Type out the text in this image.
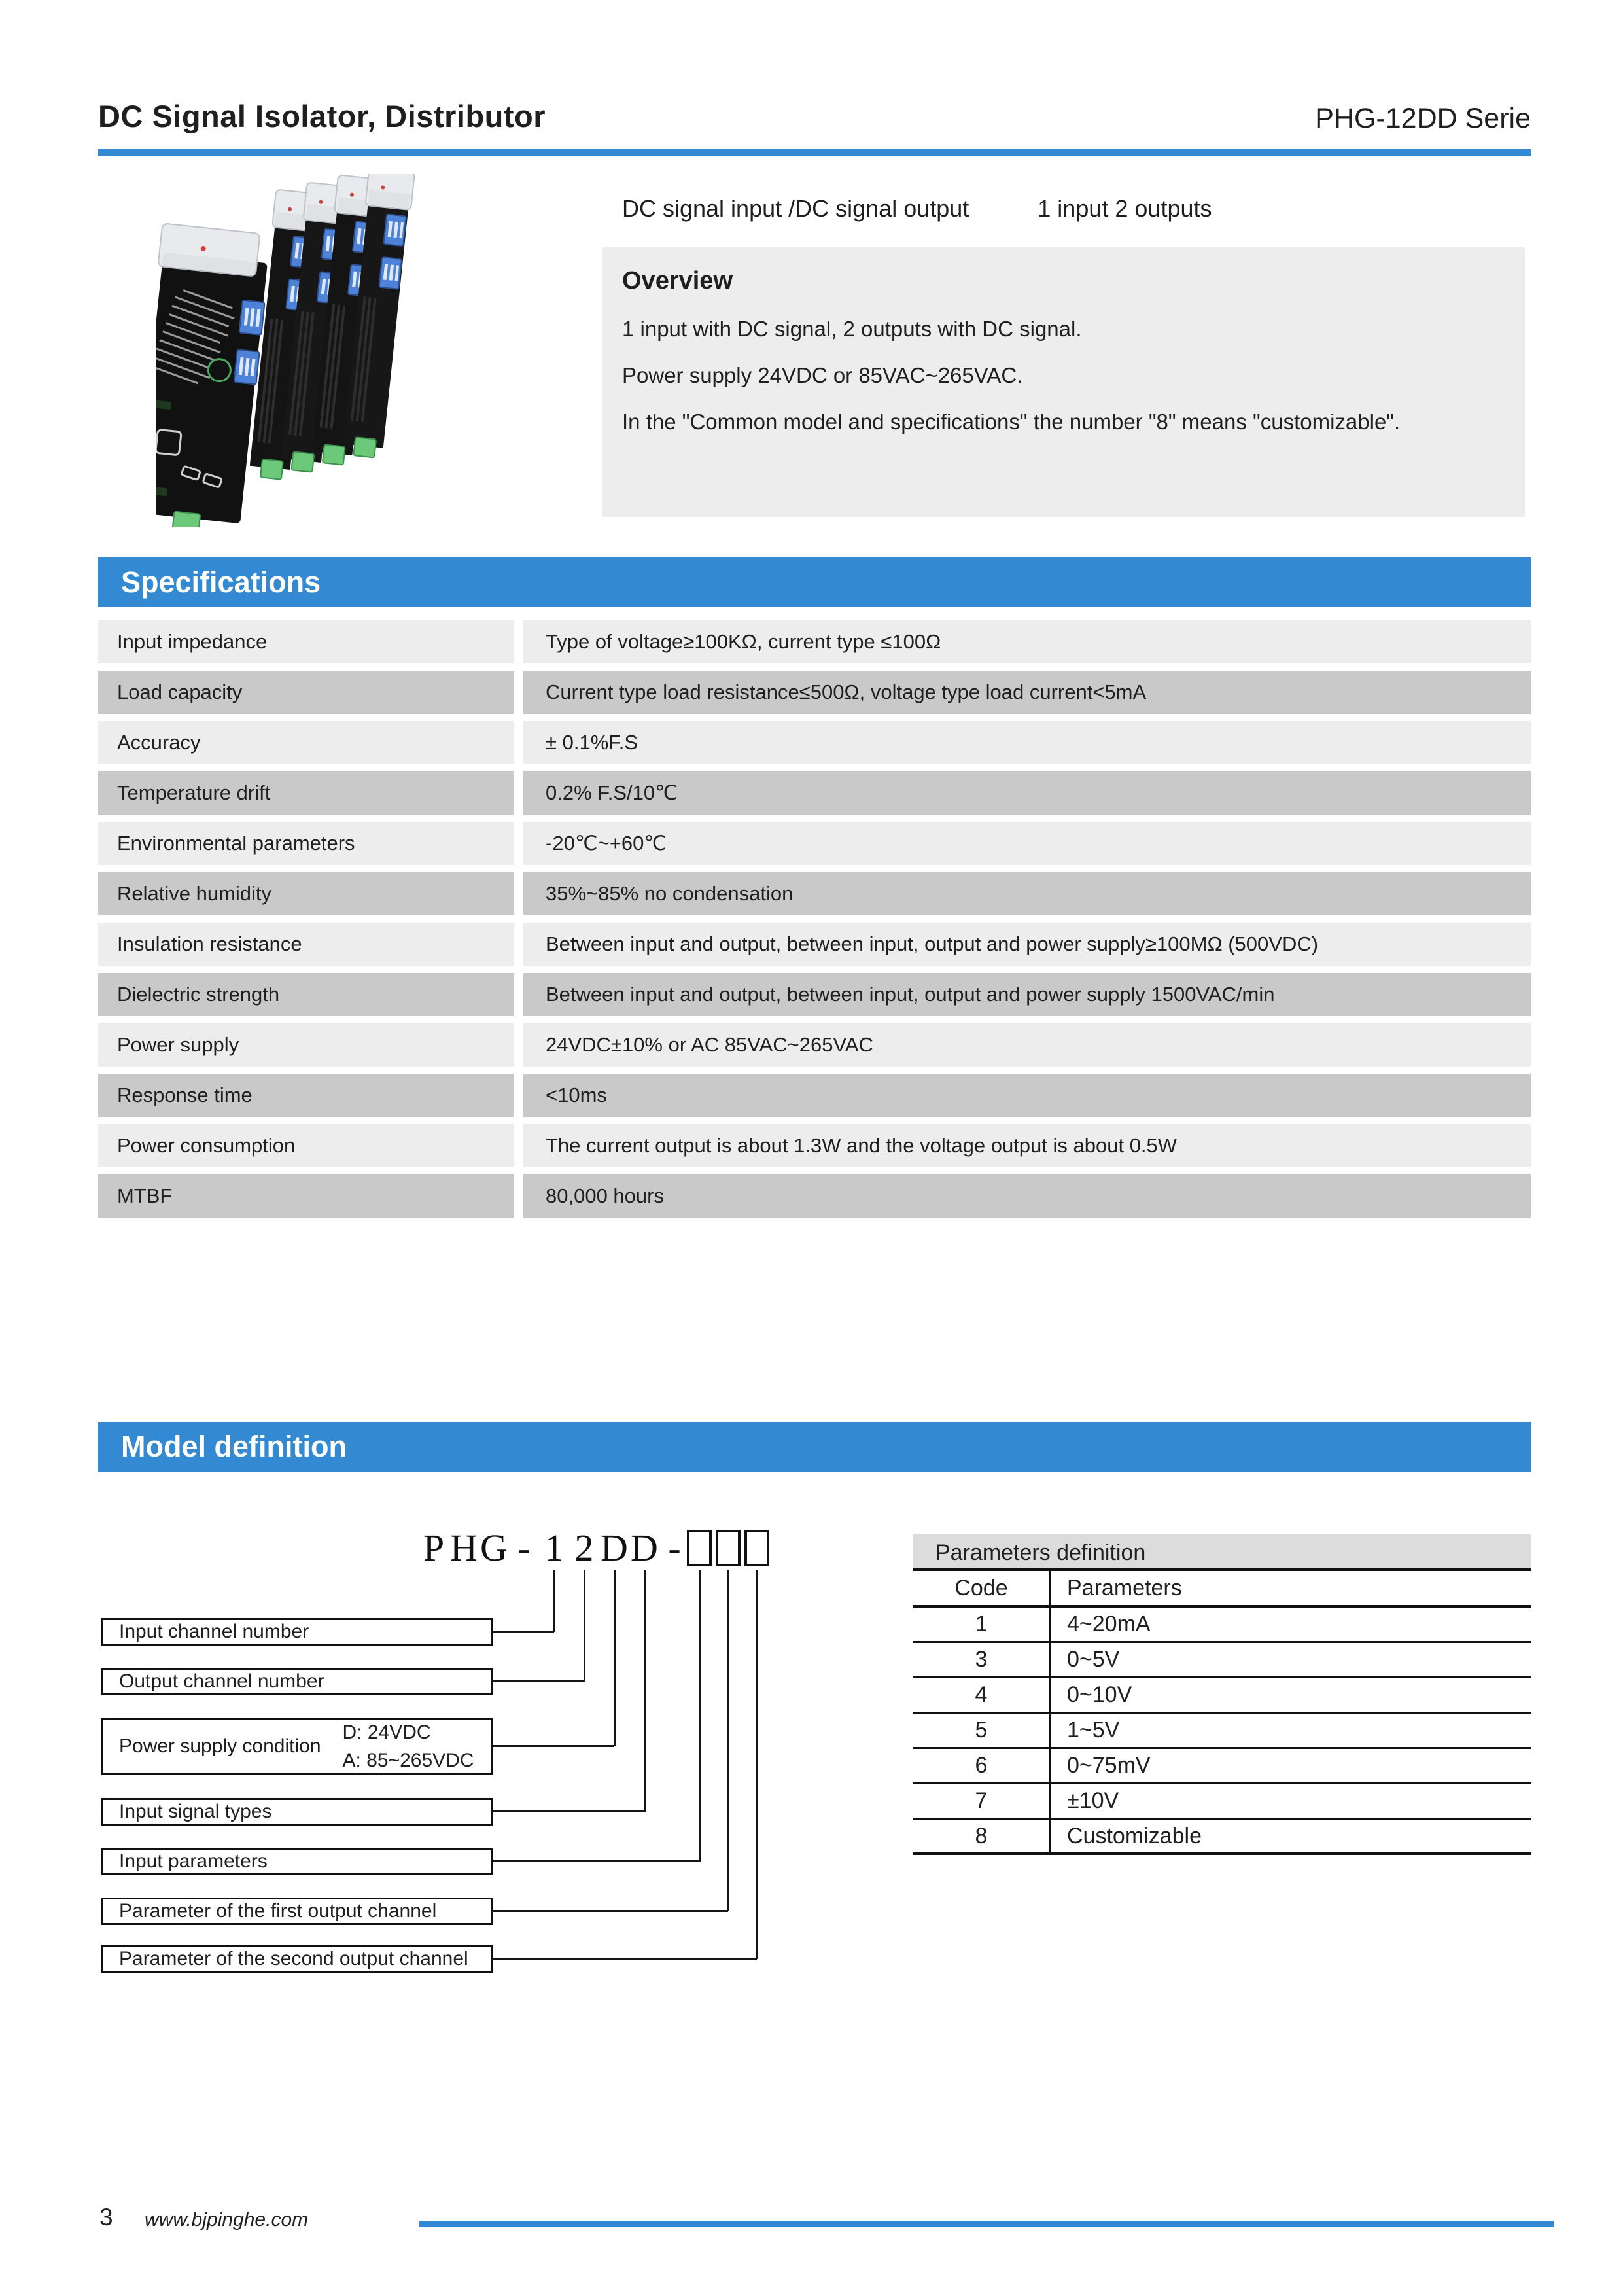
DC Signal Isolator, Distributor	PHG-12DD Serie
DC signal input /DC signal output	1 input 2 outputs
Overview

1 input with DC signal, 2 outputs with DC signal.

Power supply 24VDC or 85VAC~265VAC.

In the "Common model and specifications" the number "8" means "customizable".

Specifications
Input impedance	Type of voltage≥100KΩ, current type ≤100Ω
Load capacity	Current type load resistance≤500Ω, voltage type load current<5mA
Accuracy	± 0.1%F.S
Temperature drift	0.2% F.S/10℃
Environmental parameters	-20℃~+60℃
Relative humidity	35%~85% no condensation
Insulation resistance	Between input and output, between input, output and power supply≥100MΩ (500VDC)
Dielectric strength	Between input and output, between input, output and power supply 1500VAC/min
Power supply	24VDC±10% or AC 85VAC~265VAC
Response time	<10ms
Power consumption	The current output is about 1.3W and the voltage output is about 0.5W
MTBF	80,000 hours
Model definition
P H G - 1 2 D D -
Input channel number
Output channel number
Power supply condition
D: 24VDC
A: 85~265VDC
Input signal types
Input parameters
Parameter of the first output channel
Parameter of the second output channel
Parameters definition
Code	Parameters
1	4~20mA
3	0~5V
4	0~10V
5	1~5V
6	0~75mV
7	±10V
8	Customizable
3 www.bjpinghe.com
